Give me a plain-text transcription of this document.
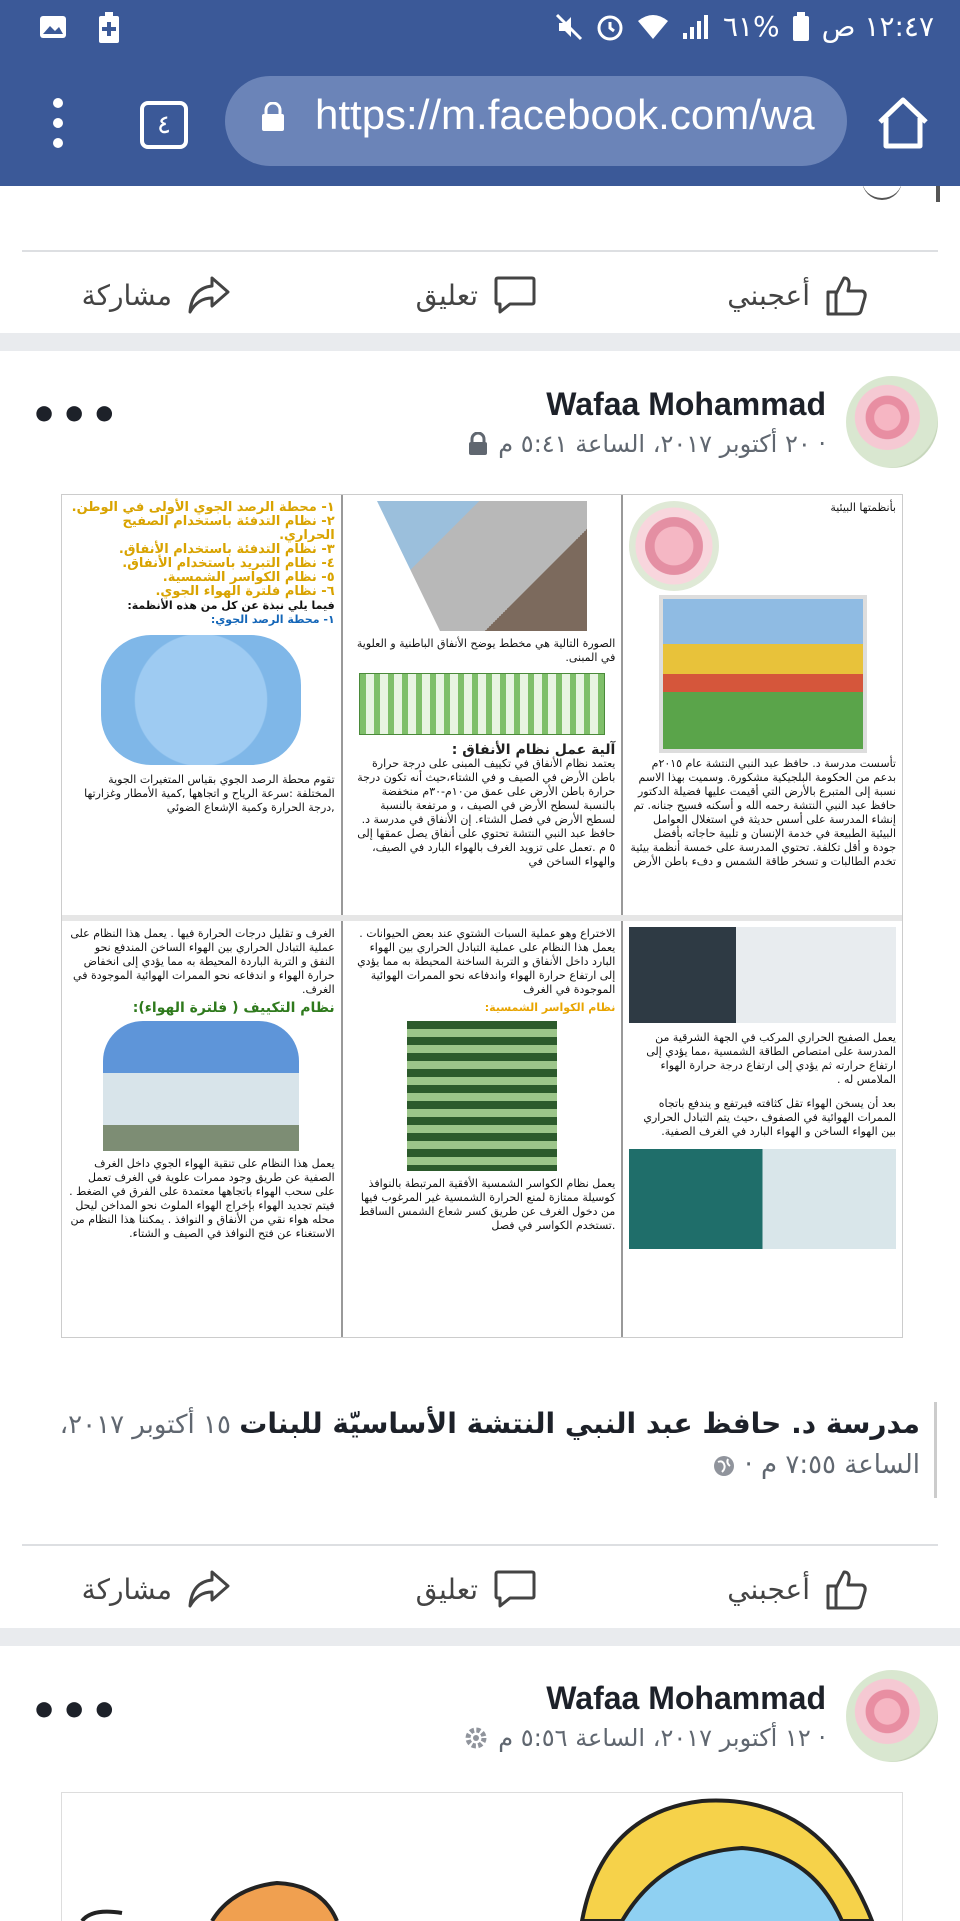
٦١% ١٢:٤٧ ص
٤	https://m.facebook.com/wa
أعجبني
تعليق
مشاركة
Wafaa Mohammad
٢٠ أكتوبر ٢٠١٧، الساعة ٥:٤١ م ·
•••
بأنظمتها البيئية
تأسست مدرسة د. حافظ عبد النبي النتشة عام ٢٠١٥م بدعم من الحكومة البلجيكية مشكورة. وسميت بهذا الاسم نسبة إلى المتبرع بالأرض التي أقيمت عليها فضيلة الدكتور حافظ عبد النبي النتشة رحمه الله و أسكنه فسيح جنانه. تم إنشاء المدرسة على أسس حديثة في استغلال العوامل البيئية الطبيعة في خدمة الإنسان و تلبية حاجاته بأفضل جودة و أقل تكلفة. تحتوي المدرسة على خمسة أنظمة بيئية تخدم الطالبات و تسخر طاقة الشمس و دفء باطن الأرض
الصورة التالية هي مخطط يوضح الأنفاق الباطنية و العلوية في المبنى.
آلية عمل نظام الأنفاق :
يعتمد نظام الأنفاق في تكييف المبنى على درجة حرارة باطن الأرض في الصيف و في الشتاء،حيث أنه تكون درجة حرارة باطن الأرض على عمق من١٠م-٣٠م منخفضة بالنسبة لسطح الأرض في الصيف ، و مرتفعة بالنسبة لسطح الأرض في فصل الشتاء. إن الأنفاق في مدرسة د. حافظ عبد النبي النتشة تحتوي على أنفاق يصل عمقها إلى ٥ م .تعمل على تزويد الغرف بالهواء البارد في الصيف، والهواء الساخن في
١- محطة الرصد الجوي الأولى في الوطن.
٢- نظام التدفئة باستخدام الصفيح الحراري.
٣- نظام التدفئة باستخدام الأنفاق.
٤- نظام التبريد باستخدام الأنفاق.
٥- نظام الكواسر الشمسية.
٦- نظام فلترة الهواء الجوي.
فيما يلي نبذة عن كل من هذه الأنظمة:
١- محطة الرصد الجوي:
تقوم محطة الرصد الجوي بقياس المتغيرات الجوية المختلفة :سرعة الرياح و اتجاهها ,كمية الأمطار وغزارتها ,درجة الحرارة وكمية الإشعاع الضوئي
يعمل الصفيح الحراري المركب في الجهة الشرقية من المدرسة على امتصاص الطاقة الشمسية ،مما يؤدي إلى ارتفاع حرارته ثم يؤدي إلى ارتفاع درجة حرارة الهواء الملامس له .
بعد أن يسخن الهواء تقل كثافته فيرتفع و يندفع باتجاه الممرات الهوائية في الصفوف ،حيث يتم التبادل الحراري بين الهواء الساخن و الهواء البارد في الغرف الصفية.
الاختراع وهو عملية السبات الشتوي عند بعض الحيوانات . يعمل هذا النظام على عملية التبادل الحراري بين الهواء البارد داخل الأنفاق و التربة الساخنة المحيطة به مما يؤدي إلى ارتفاع حرارة الهواء واندفاعه نحو الممرات الهوائية الموجودة في الغرف
نظام الكواسر الشمسية:
يعمل نظام الكواسر الشمسية الأفقية المرتبطة بالنوافذ كوسيلة ممتازة لمنع الحرارة الشمسية غير المرغوب فيها من دخول الغرف عن طريق كسر شعاع الشمس الساقط .تستخدم الكواسر في فصل
الغرف و تقليل درجات الحرارة فيها . يعمل هذا النظام على عملية التبادل الحراري بين الهواء الساخن المندفع نحو النفق و التربة الباردة المحيطة به مما يؤدي إلى انخفاض حرارة الهواء و اندفاعه نحو الممرات الهوائية الموجودة في الغرف.
نظام التكييف ( فلترة الهواء):
يعمل هذا النظام على تنقية الهواء الجوي داخل الغرف الصفية عن طريق وجود ممرات علوية في الغرف تعمل على سحب الهواء باتجاهها معتمدة على الفرق في الضغط . فيتم تجديد الهواء بإخراج الهواء الملوث نحو المداخن ليحل محله هواء نقي من الأنفاق و النوافذ . يمكننا هذا النظام من الاستغناء عن فتح النوافذ في الصيف و الشتاء.
مدرسة د. حافظ عبد النبي النتشة الأساسيّة للبنات ١٥ أكتوبر ٢٠١٧، الساعة ٧:٥٥ م ·
أعجبني
تعليق
مشاركة
Wafaa Mohammad
١٢ أكتوبر ٢٠١٧، الساعة ٥:٥٦ م ·
•••
